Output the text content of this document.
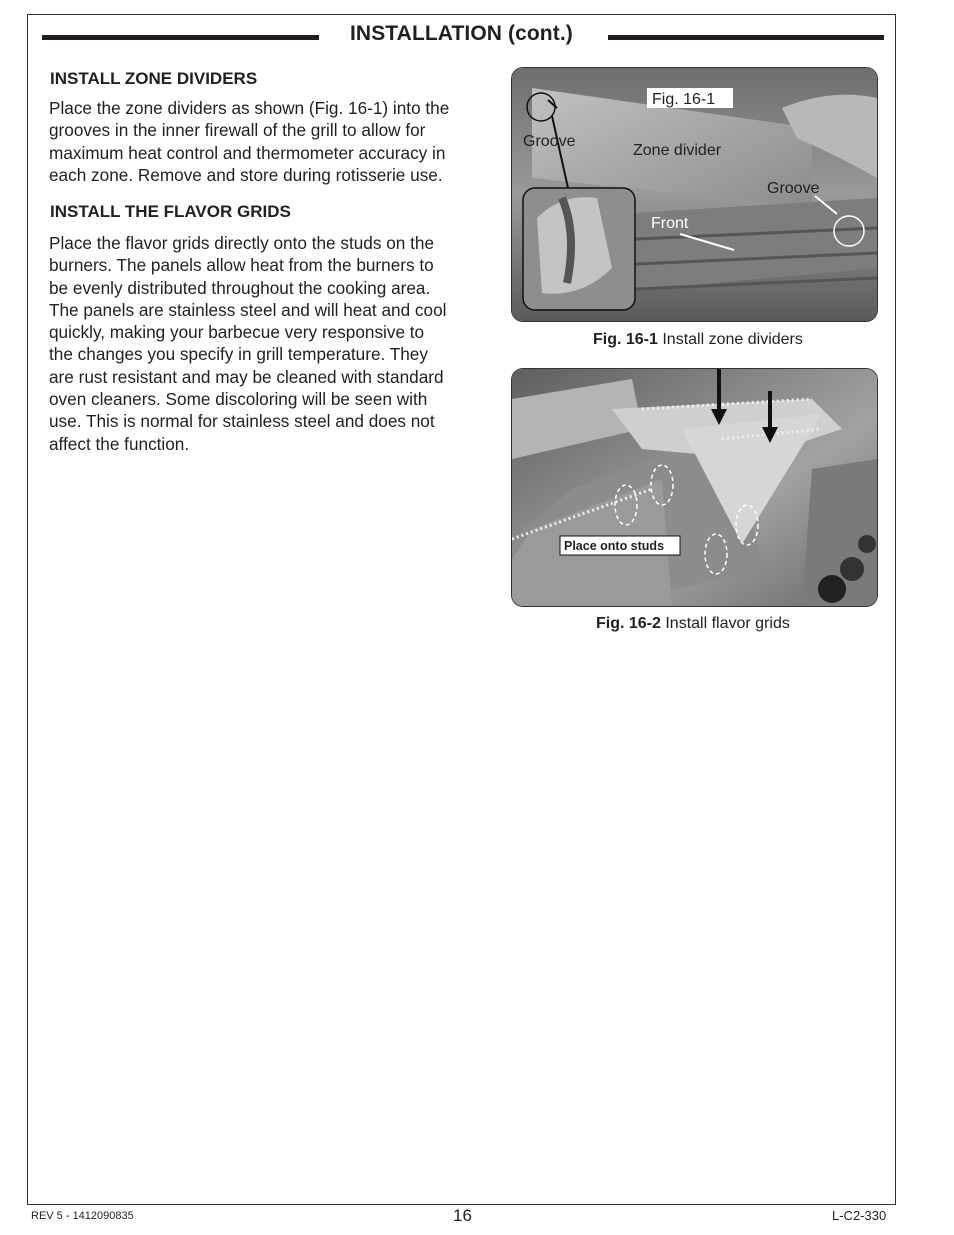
INSTALLATION (cont.)
INSTALL ZONE DIVIDERS
Place the zone dividers as shown (Fig. 16-1) into the
grooves in the inner firewall of the grill to allow for
maximum heat control and thermometer accuracy in
each zone. Remove and store during rotisserie use.
INSTALL THE FLAVOR GRIDS
Place the flavor grids directly onto the studs on the
burners. The panels allow heat from the burners to
be evenly distributed throughout the cooking area.
The panels are stainless steel and will heat and cool
quickly, making your barbecue very responsive to
the changes you specify in grill temperature. They
are rust resistant and may be cleaned with standard
oven cleaners. Some discoloring will be seen with
use. This is normal for stainless steel and does not
affect the function.
Fig. 16-1
Groove
Zone divider
Groove
Front
Fig. 16-1 Install zone dividers
Place onto studs
Fig. 16-2 Install flavor grids
REV 5 - 1412090835	16	L-C2-330
